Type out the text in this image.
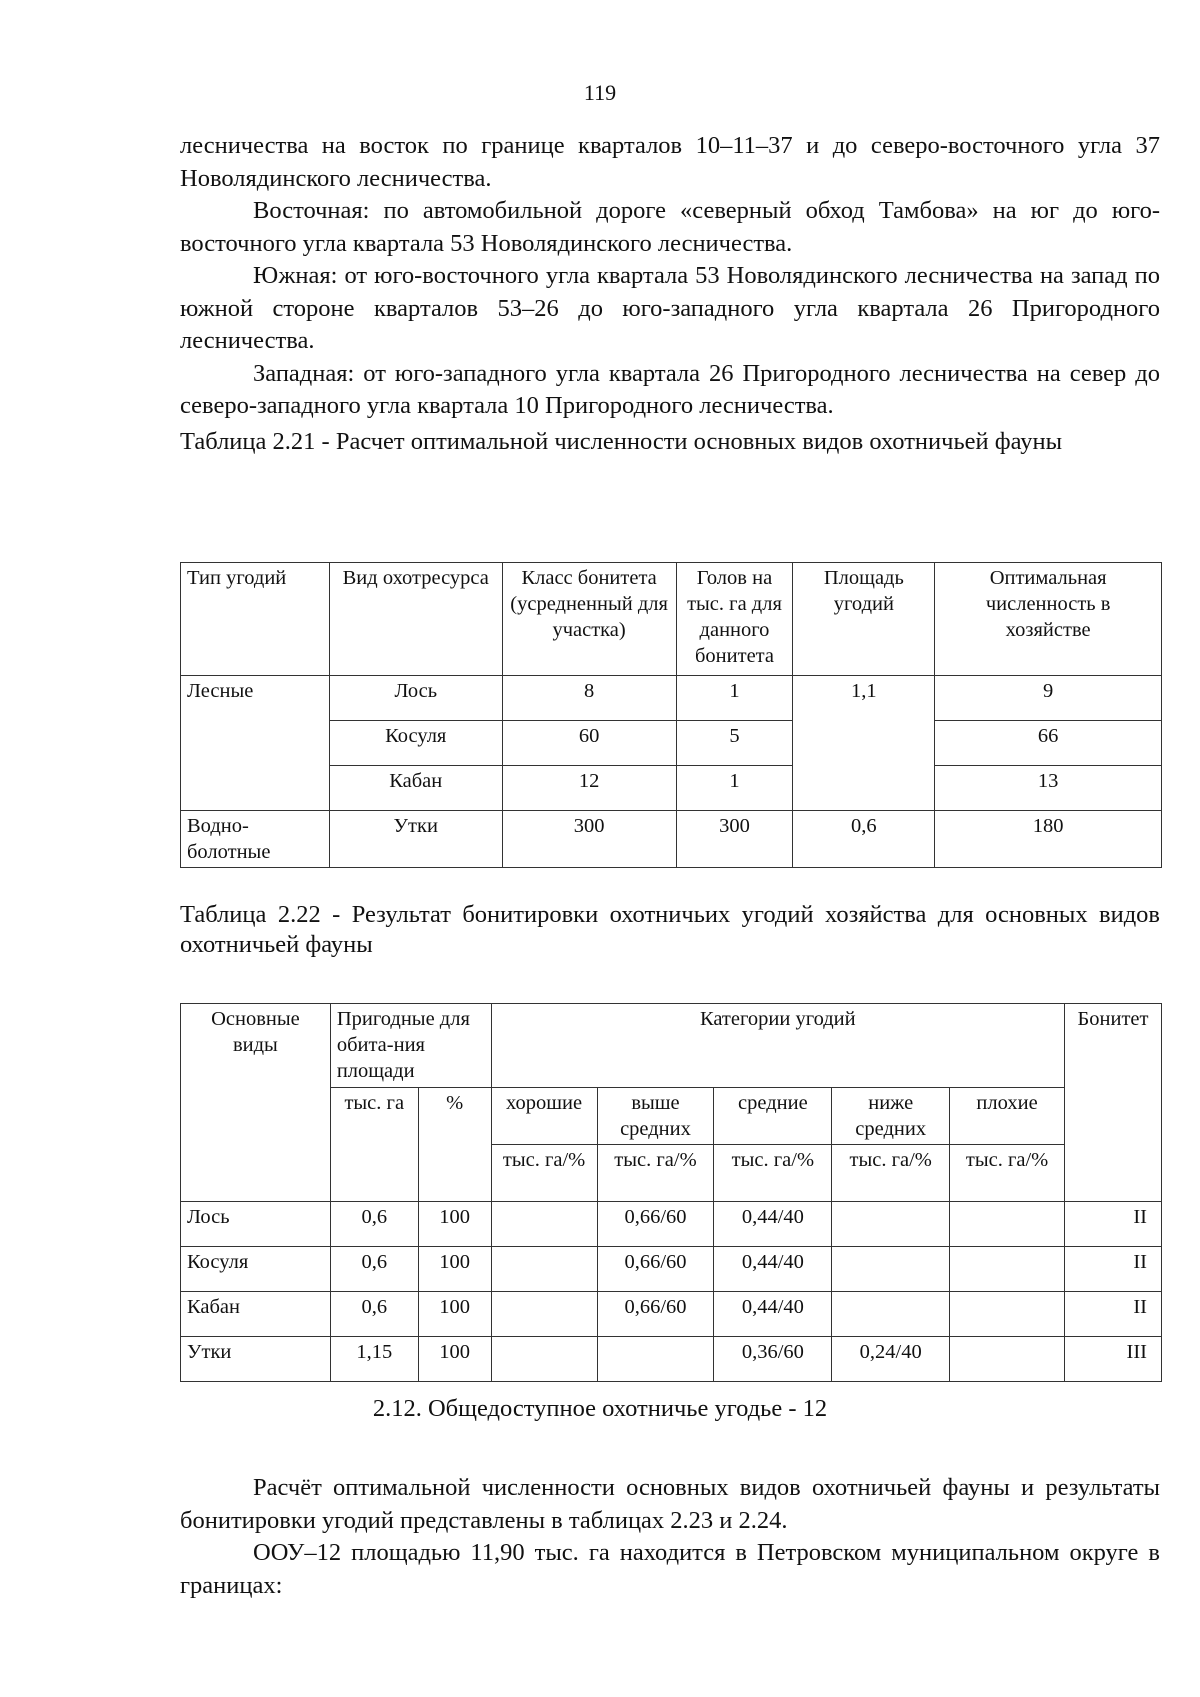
119

лесничества на восток по границе кварталов 10–11–37 и до северо-восточного угла 37 Новолядинского лесничества.

Восточная: по автомобильной дороге «северный обход Тамбова» на юг до юго-восточного угла квартала 53 Новолядинского лесничества.

Южная: от юго-восточного угла квартала 53 Новолядинского лесничества на запад по южной стороне кварталов 53–26 до юго-западного угла квартала 26 Пригородного лесничества.

Западная: от юго-западного угла квартала 26 Пригородного лесничества на север до северо-западного угла квартала 10 Пригородного лесничества.

Таблица 2.21 - Расчет оптимальной численности основных видов охотничьей фауны

Тип угодий	Вид охотресурса	Класс бонитета (усредненный для участка)	Голов на тыс. га для данного бонитета	Площадь угодий	Оптимальная численность в хозяйстве
Лесные	Лось	8	1	1,1	9
	Косуля	60	5		66
	Кабан	12	1		13
Водно-болотные	Утки	300	300	0,6	180

Таблица 2.22 - Результат бонитировки охотничьих угодий хозяйства для основных видов охотничьей фауны

Основные виды	Пригодные для обита-ния площади		Категории угодий					Бонитет
	тыс. га	%	хорошие	выше средних	средние	ниже средних	плохие	
			тыс. га/%	тыс. га/%	тыс. га/%	тыс. га/%	тыс. га/%	
Лось	0,6	100		0,66/60	0,44/40			II
Косуля	0,6	100		0,66/60	0,44/40			II
Кабан	0,6	100		0,66/60	0,44/40			II
Утки	1,15	100			0,36/60	0,24/40		III
2.12. Общедоступное охотничье угодье - 12

Расчёт оптимальной численности основных видов охотничьей фауны и результаты бонитировки угодий представлены в таблицах 2.23 и 2.24.

ООУ–12 площадью 11,90 тыс. га находится в Петровском муниципальном округе в границах:
